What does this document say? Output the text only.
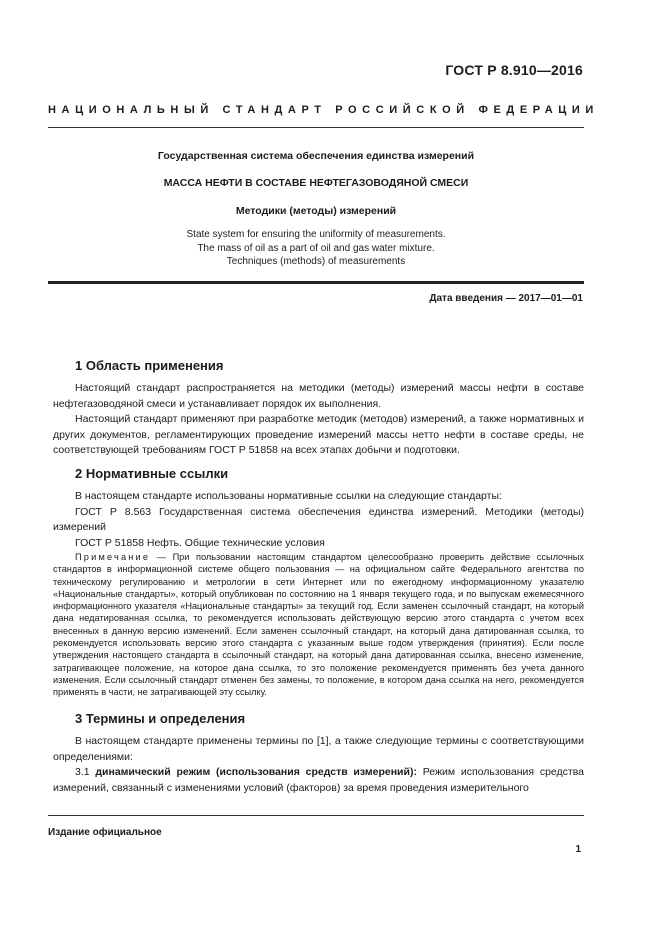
ГОСТ Р 8.910—2016
НАЦИОНАЛЬНЫЙ СТАНДАРТ РОССИЙСКОЙ ФЕДЕРАЦИИ
Государственная система обеспечения единства измерений
МАССА НЕФТИ В СОСТАВЕ НЕФТЕГАЗОВОДЯНОЙ СМЕСИ
Методики (методы) измерений
State system for ensuring the uniformity of measurements.
The mass of oil as a part of oil and gas water mixture.
Techniques (methods) of measurements
Дата введения — 2017—01—01
1 Область применения

Настоящий стандарт распространяется на методики (методы) измерений массы нефти в составе нефтегазоводяной смеси и устанавливает порядок их выполнения.

Настоящий стандарт применяют при разработке методик (методов) измерений, а также нормативных и других документов, регламентирующих проведение измерений массы нетто нефти в составе среды, не соответствующей требованиям ГОСТ Р 51858 на всех этапах добычи и подготовки.

2 Нормативные ссылки

В настоящем стандарте использованы нормативные ссылки на следующие стандарты:

ГОСТ Р 8.563 Государственная система обеспечения единства измерений. Методики (методы) измерений

ГОСТ Р 51858 Нефть. Общие технические условия

Примечание — При пользовании настоящим стандартом целесообразно проверить действие ссылочных стандартов в информационной системе общего пользования — на официальном сайте Федерального агентства по техническому регулированию и метрологии в сети Интернет или по ежегодному информационному указателю «Национальные стандарты», который опубликован по состоянию на 1 января текущего года, и по выпускам ежемесячного информационного указателя «Национальные стандарты» за текущий год. Если заменен ссылочный стандарт, на который дана недатированная ссылка, то рекомендуется использовать действующую версию этого стандарта с учетом всех внесенных в данную версию изменений. Если заменен ссылочный стандарт, на который дана датированная ссылка, то рекомендуется использовать версию этого стандарта с указанным выше годом утверждения (принятия). Если после утверждения настоящего стандарта в ссылочный стандарт, на который дана датированная ссылка, внесено изменение, затрагивающее положение, на которое дана ссылка, то это положение рекомендуется применять без учета данного изменения. Если ссылочный стандарт отменен без замены, то положение, в котором дана ссылка на него, рекомендуется применять в части, не затрагивающей эту ссылку.

3 Термины и определения

В настоящем стандарте применены термины по [1], а также следующие термины с соответствующими определениями:

3.1 динамический режим (использования средств измерений): Режим использования средства измерений, связанный с изменениями условий (факторов) за время проведения измерительного

Издание официальное
1
